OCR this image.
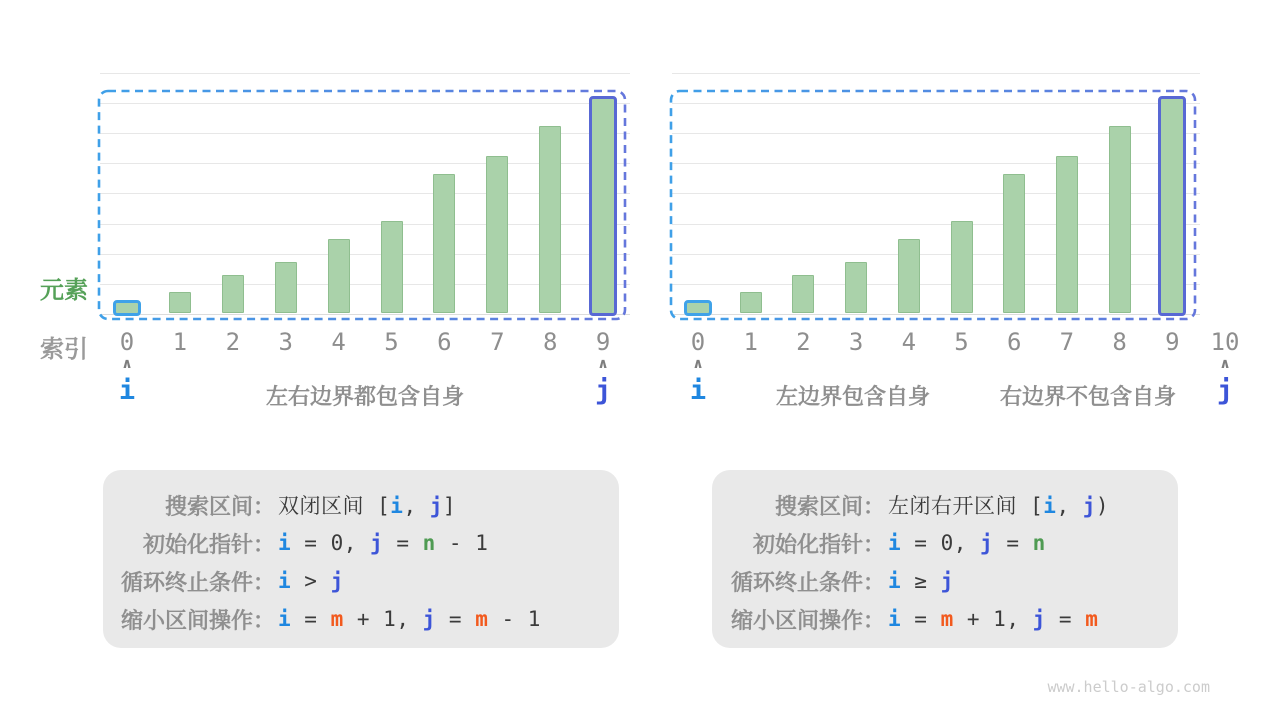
元素
索引 0 1 2 3 4 5 6 7 8 9
∧
i
∧
j
左右边界都包含自身
0 1 2 3 4 5 6 7 8 9 10
∧
i
∧
j
左边界包含自身	右边界不包含自身
搜索区间： 双闭区间 [i, j]
初始化指针： i = 0, j = n - 1
循环终止条件： i > j
缩小区间操作： i = m + 1, j = m - 1
搜索区间： 左闭右开区间 [i, j)
初始化指针： i = 0, j = n
循环终止条件： i ≥ j
缩小区间操作： i = m + 1, j = m
www.hello-algo.com
